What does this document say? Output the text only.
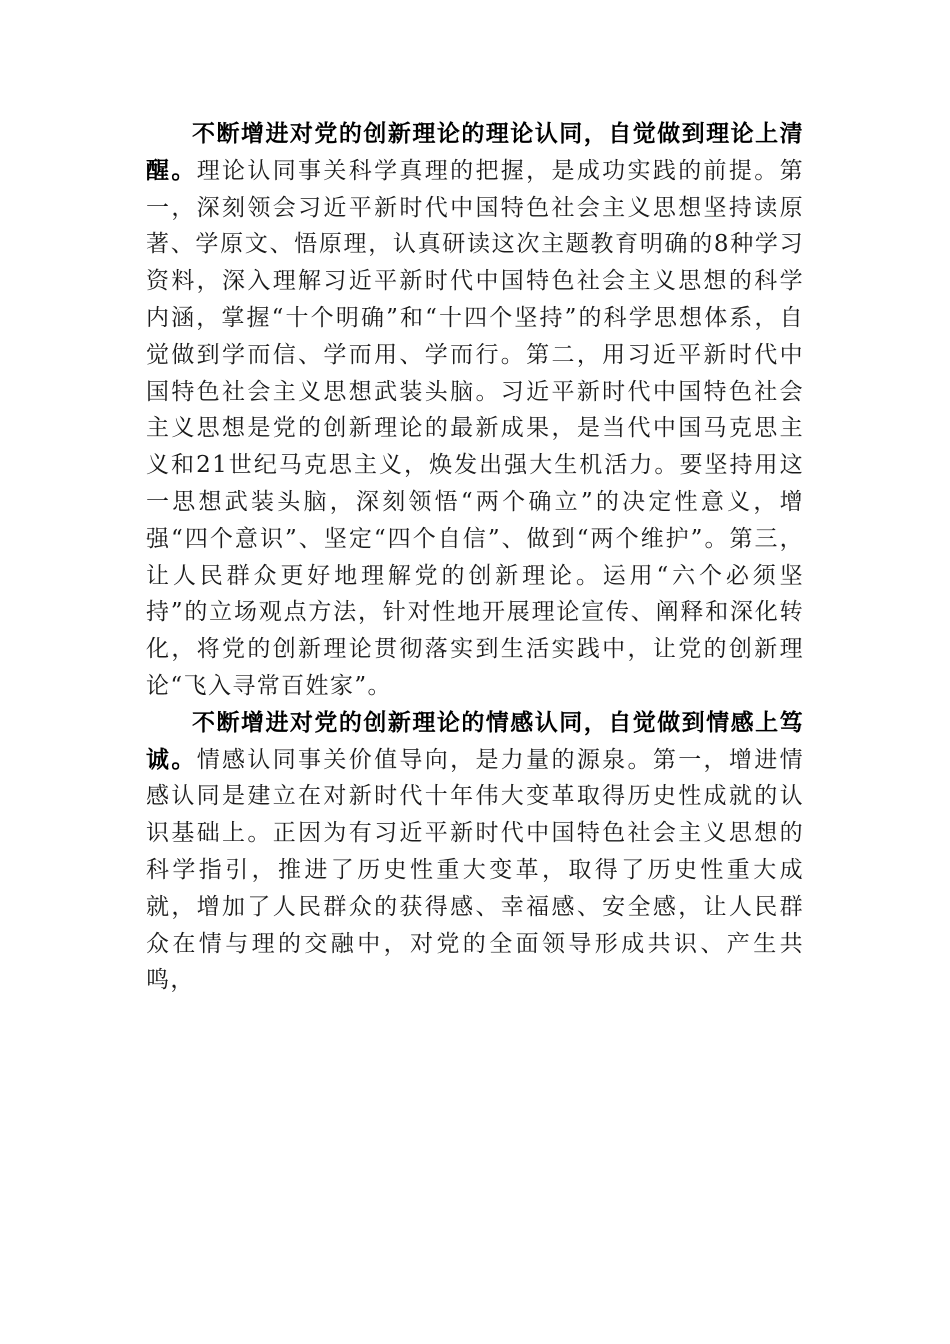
不断增进对党的创新理论的理论认同，自觉做到理论上清醒。理论认同事关科学真理的把握，是成功实践的前提。第一，深刻领会习近平新时代中国特色社会主义思想坚持读原著、学原文、悟原理，认真研读这次主题教育明确的8种学习资料，深入理解习近平新时代中国特色社会主义思想的科学内涵，掌握“十个明确”和“十四个坚持”的科学思想体系，自觉做到学而信、学而用、学而行。第二，用习近平新时代中国特色社会主义思想武装头脑。习近平新时代中国特色社会主义思想是党的创新理论的最新成果，是当代中国马克思主义和21世纪马克思主义，焕发出强大生机活力。要坚持用这一思想武装头脑，深刻领悟“两个确立”的决定性意义，增强“四个意识”、坚定“四个自信”、做到“两个维护”。第三，让人民群众更好地理解党的创新理论。运用“六个必须坚持”的立场观点方法，针对性地开展理论宣传、阐释和深化转化，将党的创新理论贯彻落实到生活实践中，让党的创新理论“飞入寻常百姓家”。

不断增进对党的创新理论的情感认同，自觉做到情感上笃诚。情感认同事关价值导向，是力量的源泉。第一，增进情感认同是建立在对新时代十年伟大变革取得历史性成就的认识基础上。正因为有习近平新时代中国特色社会主义思想的科学指引，推进了历史性重大变革，取得了历史性重大成就，增加了人民群众的获得感、幸福感、安全感，让人民群众在情与理的交融中，对党的全面领导形成共识、产生共鸣，
